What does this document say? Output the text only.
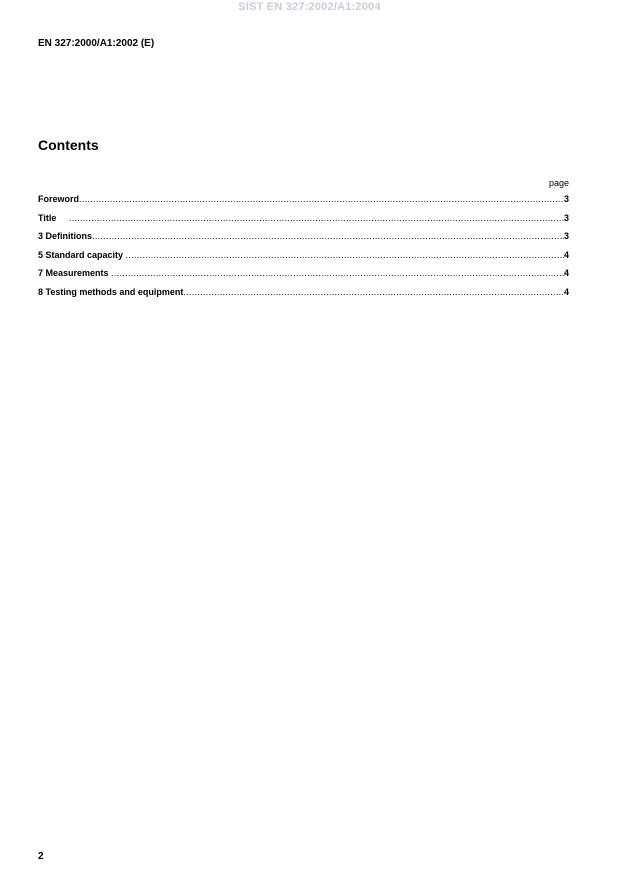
SIST EN 327:2002/A1:2004
EN 327:2000/A1:2002 (E)
Contents
page
Foreword .....	3
Title .....	3
3 Definitions .....	3
5 Standard capacity .....	4
7 Measurements .....	4
8 Testing methods and equipment .....	4
2
